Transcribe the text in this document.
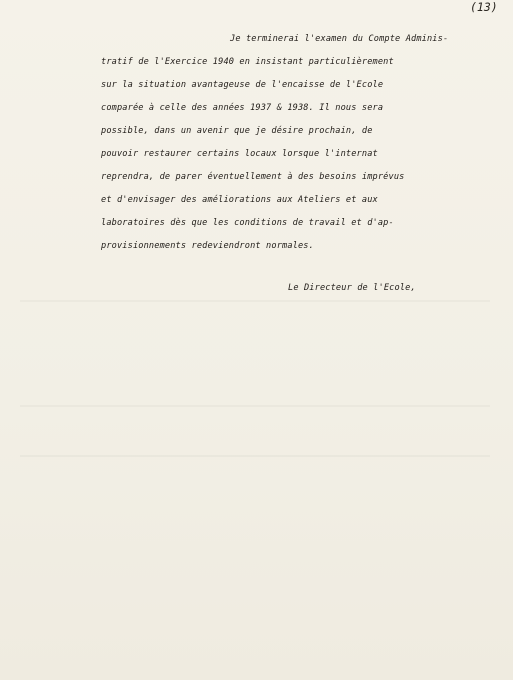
(13)
Je terminerai l'examen du Compte Adminis-
tratif de l'Exercice 1940 en insistant particulièrement
sur la situation avantageuse de l'encaisse de l'Ecole
comparée à celle des années 1937 & 1938. Il nous sera
possible, dans un avenir que je désire prochain, de
pouvoir restaurer certains locaux lorsque l'internat
reprendra, de parer éventuellement à des besoins imprévus
et d'envisager des améliorations aux Ateliers et aux
laboratoires dès que les conditions de travail et d'ap-
provisionnements redeviendront normales.
Le Directeur de l'Ecole,
